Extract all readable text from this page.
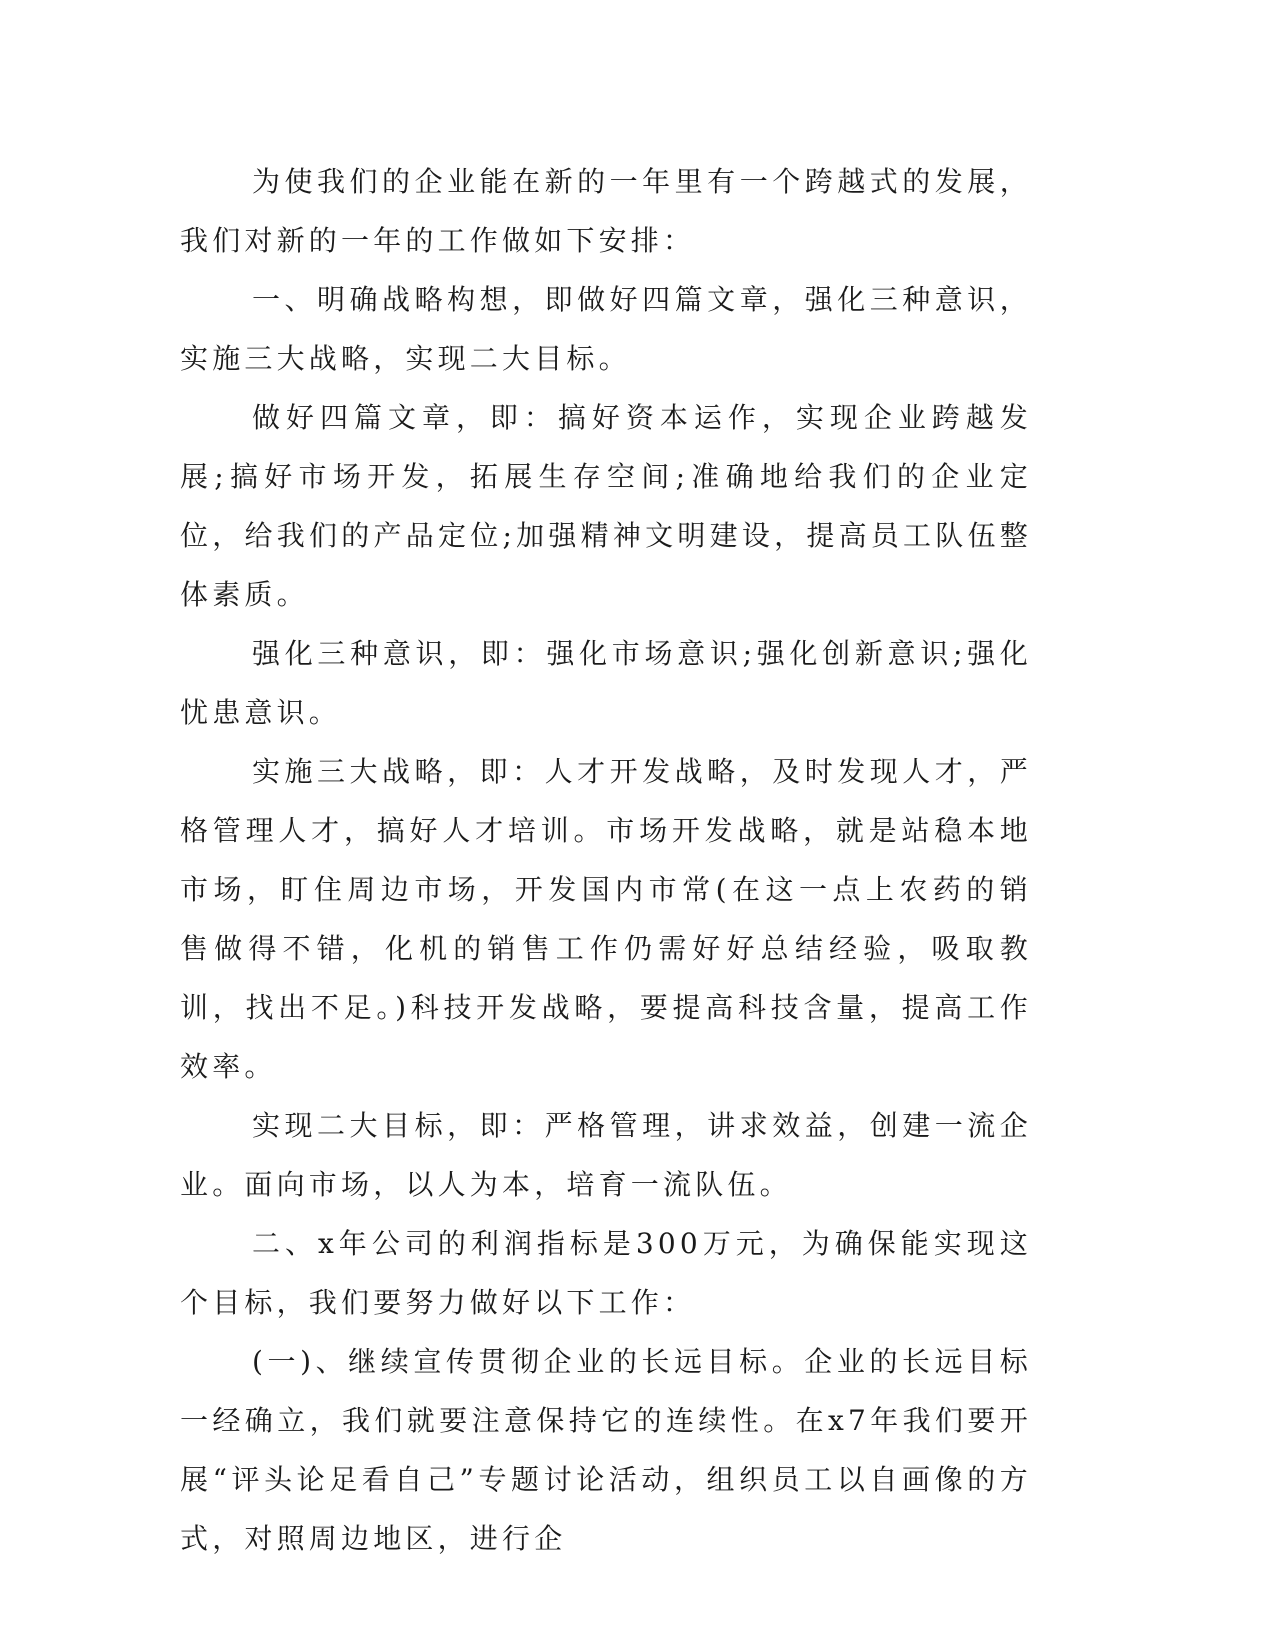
为使我们的企业能在新的一年里有一个跨越式的发展，我们对新的一年的工作做如下安排：

一、明确战略构想，即做好四篇文章，强化三种意识，实施三大战略，实现二大目标。

做好四篇文章，即：搞好资本运作，实现企业跨越发展;搞好市场开发，拓展生存空间;准确地给我们的企业定位，给我们的产品定位;加强精神文明建设，提高员工队伍整体素质。

强化三种意识，即：强化市场意识;强化创新意识;强化忧患意识。

实施三大战略，即：人才开发战略，及时发现人才，严格管理人才，搞好人才培训。市场开发战略，就是站稳本地市场，盯住周边市场，开发国内市常(在这一点上农药的销售做得不错，化机的销售工作仍需好好总结经验，吸取教训，找出不足。)科技开发战略，要提高科技含量，提高工作效率。

实现二大目标，即：严格管理，讲求效益，创建一流企业。面向市场，以人为本，培育一流队伍。

二、x年公司的利润指标是300万元，为确保能实现这个目标，我们要努力做好以下工作：

(一)、继续宣传贯彻企业的长远目标。企业的长远目标一经确立，我们就要注意保持它的连续性。在x7年我们要开展“评头论足看自己”专题讨论活动，组织员工以自画像的方式，对照周边地区，进行企
